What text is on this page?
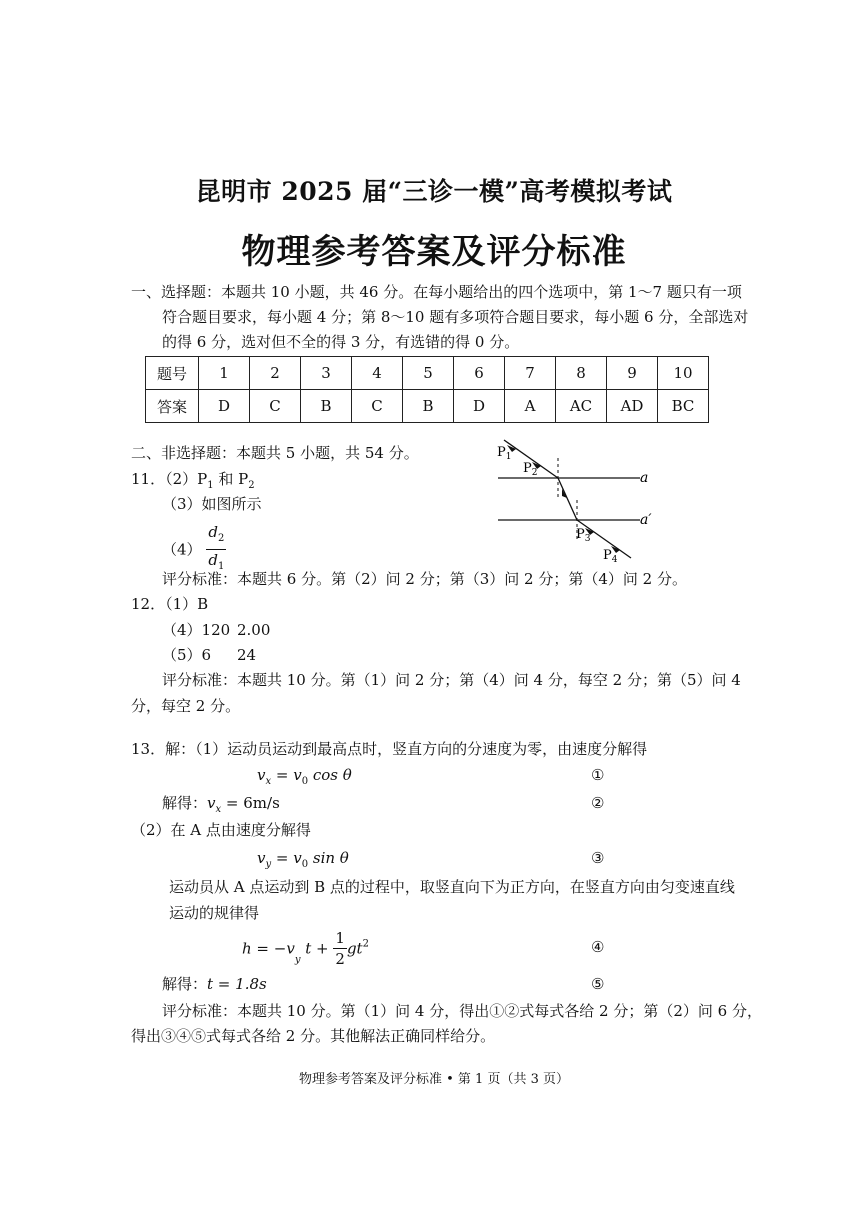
昆明市 2025 届“三诊一模”高考模拟考试
物理参考答案及评分标准
一、选择题：本题共 10 小题，共 46 分。在每小题给出的四个选项中，第 1～7 题只有一项
符合题目要求，每小题 4 分；第 8～10 题有多项符合题目要求，每小题 6 分，全部选对
的得 6 分，选对但不全的得 3 分，有选错的得 0 分。
题号	1	2	3	4	5	6	7	8	9	10
答案	D	C	B	C	B	D	A	AC	AD	BC
二、非选择题：本题共 5 小题，共 54 分。
11．$(2)P_1$ 和 $P_2$
（3）如图所示
$(4) \frac{d_2}{d_1}$
评分标准：本题共 6 分。第（2）问 2 分；第（3）问 2 分；第（4）问 2 分。
$P_1$
$P_2$
$P_3$
$P_4$
a
a′
12．（1）B
（4）120 2.00
（5）6 24
评分标准：本题共 10 分。第（1）问 2 分；第（4）问 4 分，每空 2 分；第（5）问 4
分，每空 2 分。
13．解：（1）运动员运动到最高点时，竖直方向的分速度为零，由速度分解得
$v_x = v_0$ cos θ	①
解得：$v_x = 6m/s$	②
（2）在 A 点由速度分解得
$v_y = v_0$ sin θ	③
运动员从 A 点运动到 B 点的过程中，取竖直向下为正方向，在竖直方向由匀变速直线
运动的规律得
$h = -v_y$ $t + \frac{1}{2} gt^2$	④
解得：t = 1.8s	⑤
评分标准：本题共 10 分。第（1）问 4 分，得出①②式每式各给 2 分；第（2）问 6 分，
得出③④⑤式每式各给 2 分。其他解法正确同样给分。
物理参考答案及评分标准 • 第 1 页（共 3 页）
